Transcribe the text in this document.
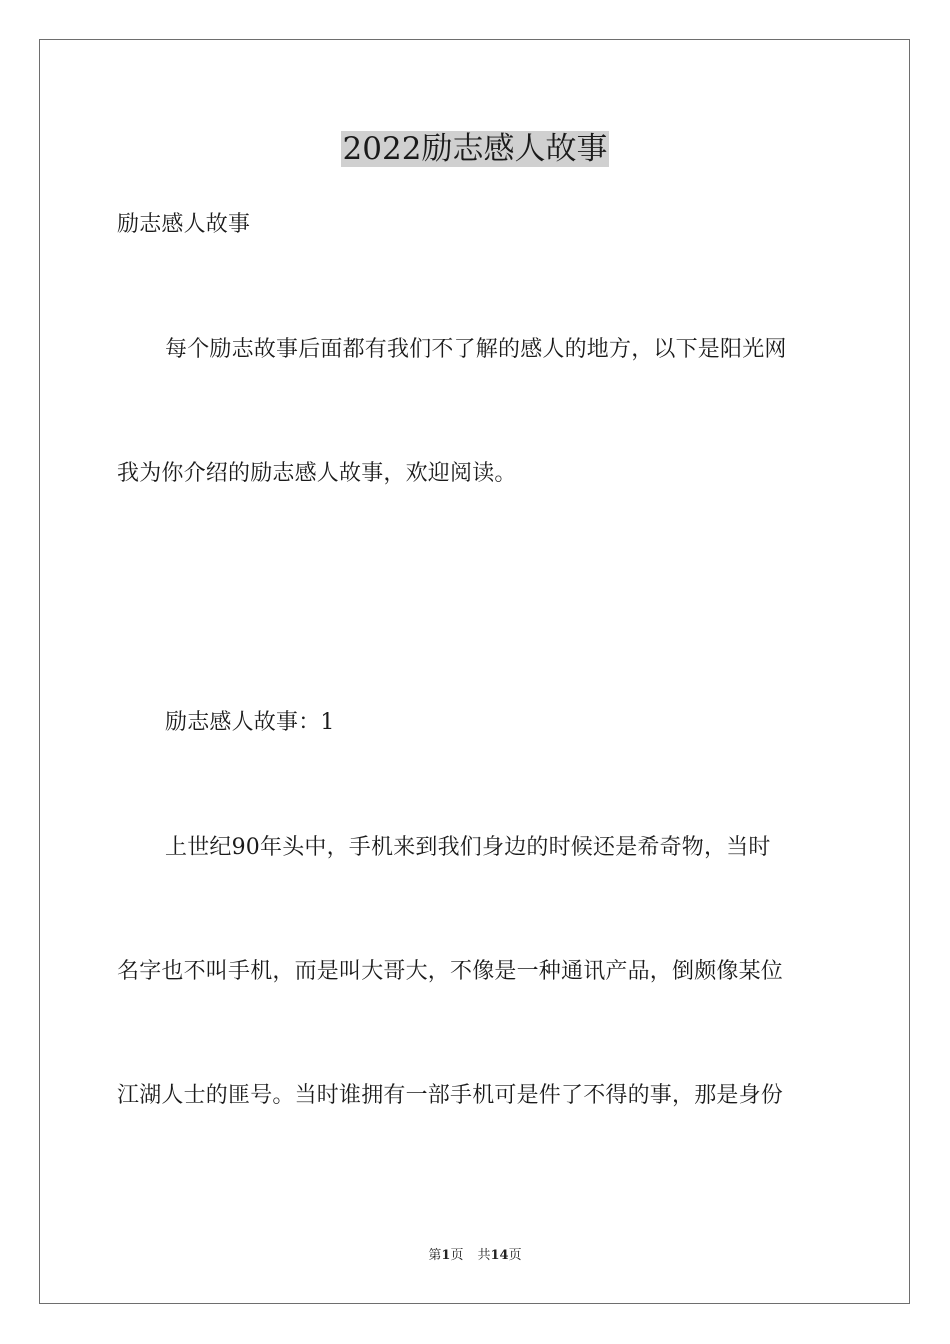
2022励志感人故事
励志感人故事
每个励志故事后面都有我们不了解的感人的地方，以下是阳光网
我为你介绍的励志感人故事，欢迎阅读。
励志感人故事：1
上世纪90年头中，手机来到我们身边的时候还是希奇物，当时
名字也不叫手机，而是叫大哥大，不像是一种通讯产品，倒颇像某位
江湖人士的匪号。当时谁拥有一部手机可是件了不得的事，那是身份
第1页 共14页
